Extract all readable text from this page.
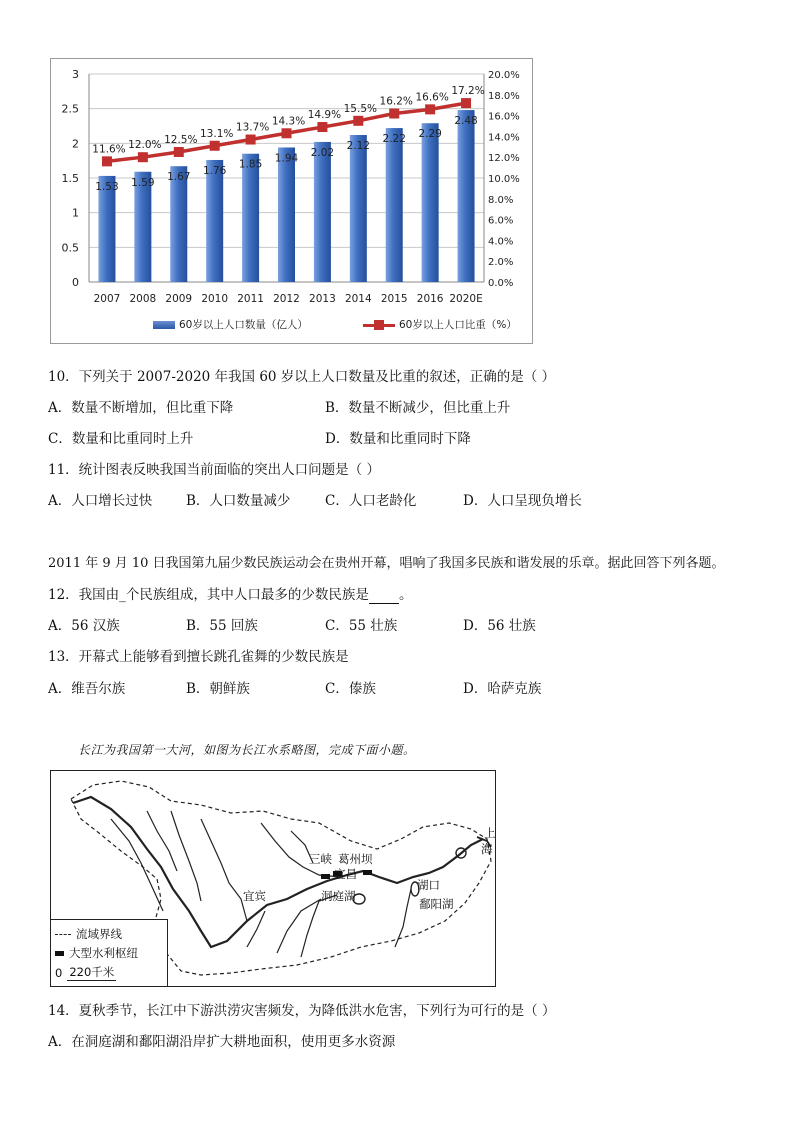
0
0.5
1
1.5
2
2.5
3
0.0%
2.0%
4.0%
6.0%
8.0%
10.0%
12.0%
14.0%
16.0%
18.0%
20.0%
1.53 1.59 1.67
1.76
1.85
1.94 2.02
2.12
2.22 2.29
2.48
2007 2008 2009 2010 2011 2012 2013 2014 2015 2016 2020E
11.6% 12.0% 12.5%
13.1%
13.7%
14.3%
14.9%
15.5%
16.2% 16.6%
17.2%
60岁以上人口数量（亿人）	60岁以上人口比重（%）
10．下列关于 2007-2020 年我国 60 岁以上人口数量及比重的叙述，正确的是（ ）
A．数量不断增加，但比重下降	B．数量不断减少，但比重上升
C．数量和比重同时上升	D．数量和比重同时下降
11．统计图表反映我国当前面临的突出人口问题是（ ）
A．人口增长过快	B．人口数量减少	C．人口老龄化	D．人口呈现负增长
2011 年 9 月 10 日我国第九届少数民族运动会在贵州开幕，唱响了我国多民族和谐发展的乐章。据此回答下列各题。
12．我国由_个民族组成，其中人口最多的少数民族是 。
A．56 汉族	B．55 回族	C．55 壮族	D．56 壮族
13．开幕式上能够看到擅长跳孔雀舞的少数民族是
A．维吾尔族	B．朝鲜族	C．傣族	D．哈萨克族
长江为我国第一大河，如图为长江水系略图，完成下面小题。
三峡 葛州坝
宜昌
宜宾	洞庭湖
湖口
鄱阳湖
上
海
流域界线
大型水利枢纽
0 220千米
14．夏秋季节，长江中下游洪涝灾害频发，为降低洪水危害，下列行为可行的是（ ）
A．在洞庭湖和鄱阳湖沿岸扩大耕地面积，使用更多水资源
